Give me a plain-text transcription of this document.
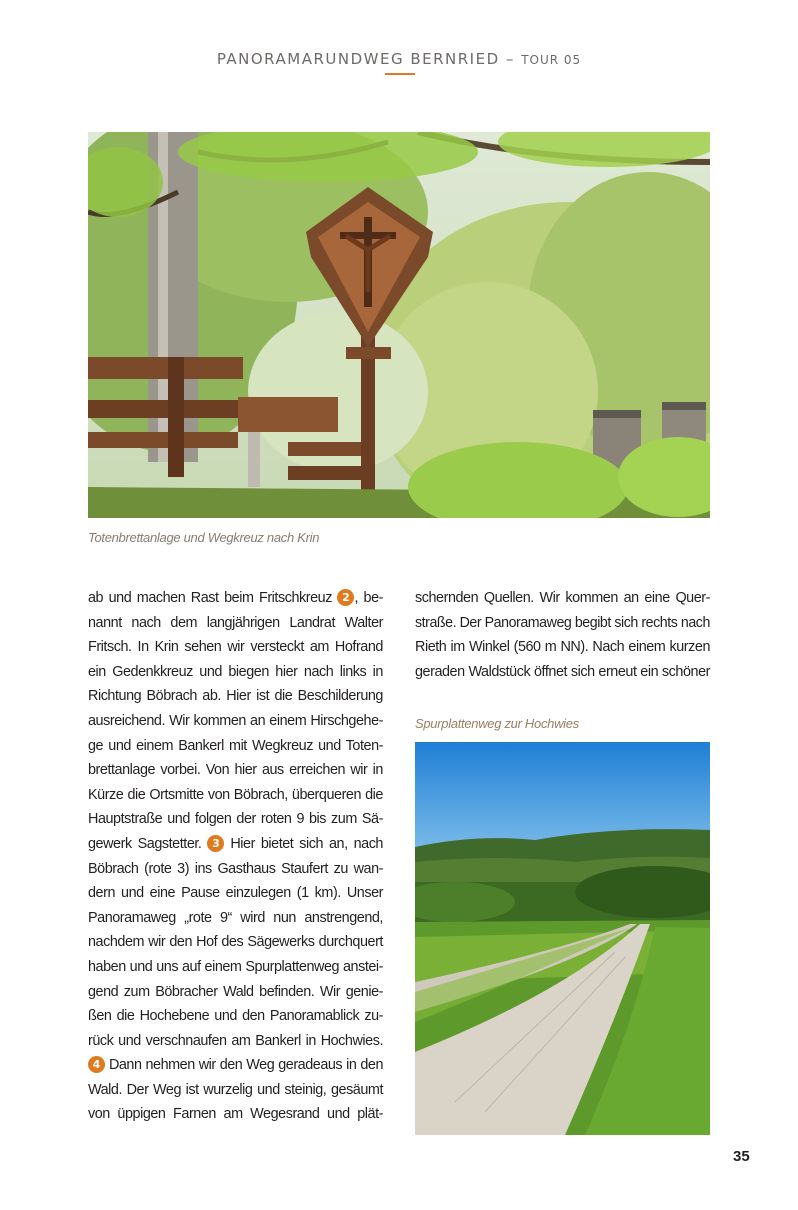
PANORAMARUNDWEG BERNRIED – TOUR 05
Totenbrettanlage und Wegkreuz nach Krin
ab und machen Rast beim Fritschkreuz 2 , be-
nannt nach dem langjährigen Landrat Walter
Fritsch. In Krin sehen wir versteckt am Hofrand
ein Gedenkkreuz und biegen hier nach links in
Richtung Böbrach ab. Hier ist die Beschilderung
ausreichend. Wir kommen an einem Hirschgehe-
ge und einem Bankerl mit Wegkreuz und Toten-
brettanlage vorbei. Von hier aus erreichen wir in
Kürze die Ortsmitte von Böbrach, überqueren die
Hauptstraße und folgen der roten 9 bis zum Sä-
gewerk Sagstetter. 3 Hier bietet sich an, nach
Böbrach (rote 3) ins Gasthaus Staufert zu wan-
dern und eine Pause einzulegen (1 km). Unser
Panoramaweg „rote 9“ wird nun anstrengend,
nachdem wir den Hof des Sägewerks durchquert
haben und uns auf einem Spurplattenweg anstei-
gend zum Böbracher Wald befinden. Wir genie-
ßen die Hochebene und den Panoramablick zu-
rück und verschnaufen am Bankerl in Hochwies.
4 Dann nehmen wir den Weg geradeaus in den
Wald. Der Weg ist wurzelig und steinig, gesäumt
von üppigen Farnen am Wegesrand und plät-
schernden Quellen. Wir kommen an eine Quer-
straße. Der Panoramaweg begibt sich rechts nach
Rieth im Winkel (560 m NN). Nach einem kurzen
geraden Waldstück öffnet sich erneut ein schöner
Spurplattenweg zur Hochwies
35
